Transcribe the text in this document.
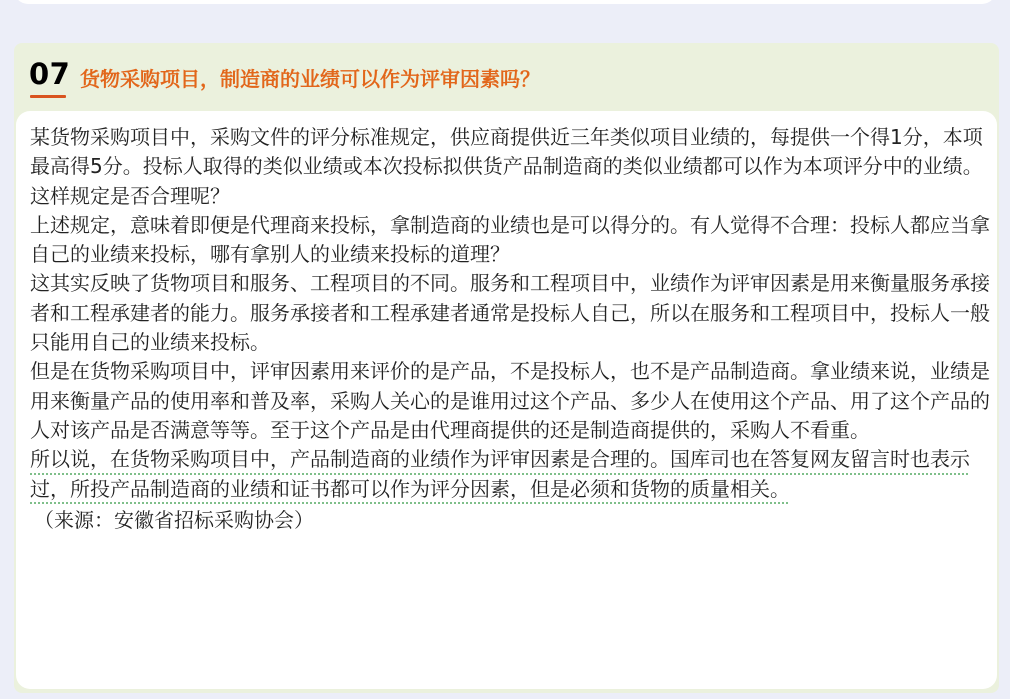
07 货物采购项目，制造商的业绩可以作为评审因素吗？

某货物采购项目中，采购文件的评分标准规定，供应商提供近三年类似项目业绩的，每提供一个得1分，本项最高得5分。投标人取得的类似业绩或本次投标拟供货产品制造商的类似业绩都可以作为本项评分中的业绩。这样规定是否合理呢？

上述规定，意味着即便是代理商来投标，拿制造商的业绩也是可以得分的。有人觉得不合理：投标人都应当拿自己的业绩来投标，哪有拿别人的业绩来投标的道理？

这其实反映了货物项目和服务、工程项目的不同。服务和工程项目中，业绩作为评审因素是用来衡量服务承接者和工程承建者的能力。服务承接者和工程承建者通常是投标人自己，所以在服务和工程项目中，投标人一般只能用自己的业绩来投标。

但是在货物采购项目中，评审因素用来评价的是产品，不是投标人，也不是产品制造商。拿业绩来说，业绩是用来衡量产品的使用率和普及率，采购人关心的是谁用过这个产品、多少人在使用这个产品、用了这个产品的人对该产品是否满意等等。至于这个产品是由代理商提供的还是制造商提供的，采购人不看重。

所以说，在货物采购项目中，产品制造商的业绩作为评审因素是合理的。国库司也在答复网友留言时也表示过，所投产品制造商的业绩和证书都可以作为评分因素，但是必须和货物的质量相关。

（来源：安徽省招标采购协会）
